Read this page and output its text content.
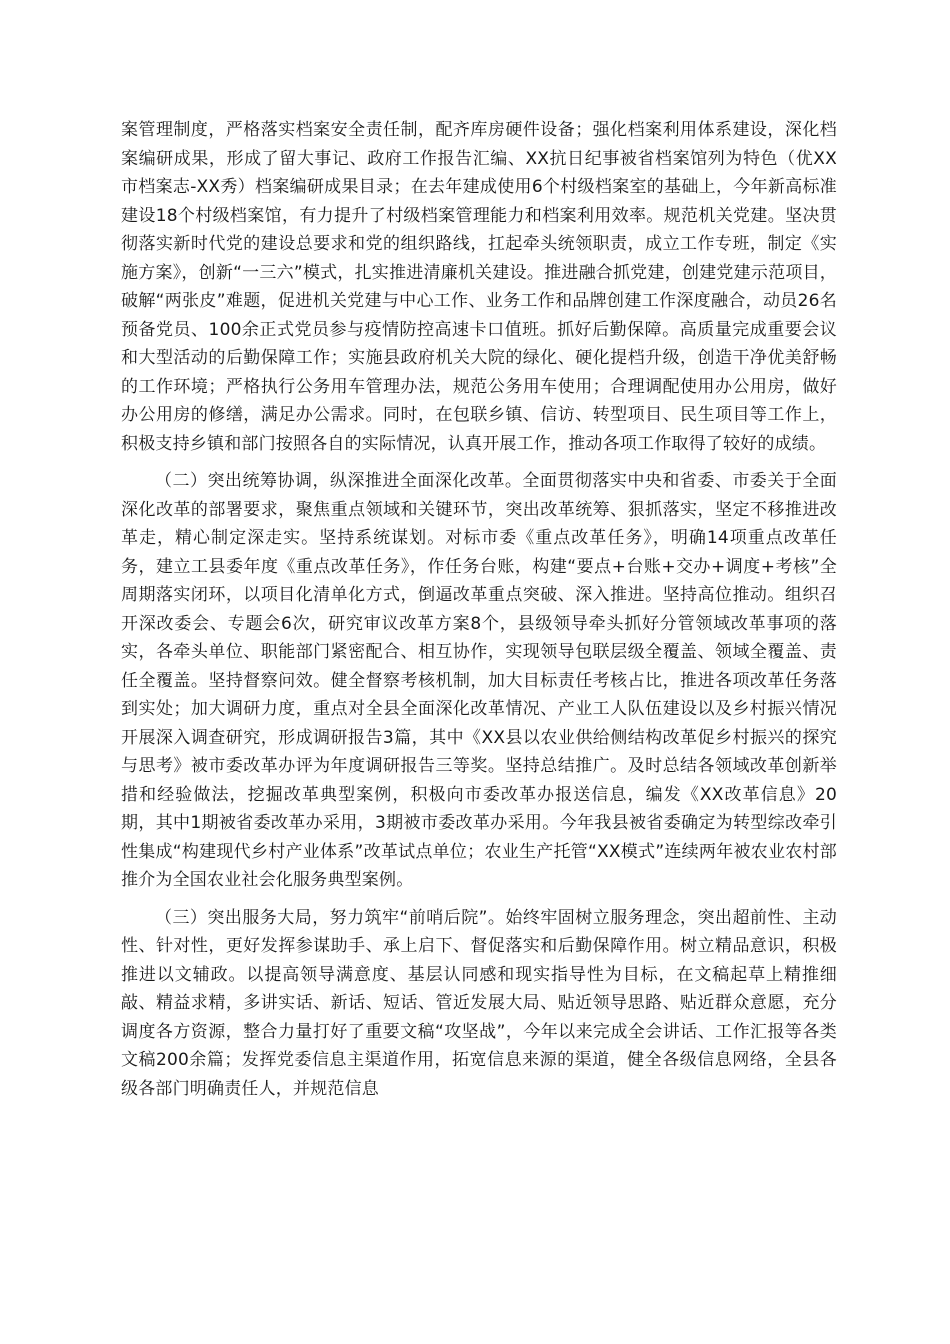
案管理制度，严格落实档案安全责任制，配齐库房硬件设备；强化档案利用体系建设，深化档案编研成果，形成了留大事记、政府工作报告汇编、XX抗日纪事被省档案馆列为特色（优XX市档案志-XX秀）档案编研成果目录；在去年建成使用6个村级档案室的基础上，今年新高标准建设18个村级档案馆，有力提升了村级档案管理能力和档案利用效率。规范机关党建。坚决贯彻落实新时代党的建设总要求和党的组织路线，扛起牵头统领职责，成立工作专班，制定《实施方案》，创新“一三六”模式，扎实推进清廉机关建设。推进融合抓党建，创建党建示范项目，破解“两张皮”难题，促进机关党建与中心工作、业务工作和品牌创建工作深度融合，动员26名预备党员、100余正式党员参与疫情防控高速卡口值班。抓好后勤保障。高质量完成重要会议和大型活动的后勤保障工作；实施县政府机关大院的绿化、硬化提档升级，创造干净优美舒畅的工作环境；严格执行公务用车管理办法，规范公务用车使用；合理调配使用办公用房，做好办公用房的修缮，满足办公需求。同时，在包联乡镇、信访、转型项目、民生项目等工作上，积极支持乡镇和部门按照各自的实际情况，认真开展工作，推动各项工作取得了较好的成绩。

（二）突出统筹协调，纵深推进全面深化改革。全面贯彻落实中央和省委、市委关于全面深化改革的部署要求，聚焦重点领域和关键环节，突出改革统筹、狠抓落实，坚定不移推进改革走，精心制定深走实。坚持系统谋划。对标市委《重点改革任务》，明确14项重点改革任务，建立工县委年度《重点改革任务》，作任务台账，构建“要点+台账+交办+调度+考核”全周期落实闭环，以项目化清单化方式，倒逼改革重点突破、深入推进。坚持高位推动。组织召开深改委会、专题会6次，研究审议改革方案8个，县级领导牵头抓好分管领域改革事项的落实，各牵头单位、职能部门紧密配合、相互协作，实现领导包联层级全覆盖、领域全覆盖、责任全覆盖。坚持督察问效。健全督察考核机制，加大目标责任考核占比，推进各项改革任务落到实处；加大调研力度，重点对全县全面深化改革情况、产业工人队伍建设以及乡村振兴情况开展深入调查研究，形成调研报告3篇，其中《XX县以农业供给侧结构改革促乡村振兴的探究与思考》被市委改革办评为年度调研报告三等奖。坚持总结推广。及时总结各领域改革创新举措和经验做法，挖掘改革典型案例，积极向市委改革办报送信息，编发《XX改革信息》20期，其中1期被省委改革办采用，3期被市委改革办采用。今年我县被省委确定为转型综改牵引性集成“构建现代乡村产业体系”改革试点单位；农业生产托管“XX模式”连续两年被农业农村部推介为全国农业社会化服务典型案例。

（三）突出服务大局，努力筑牢“前哨后院”。始终牢固树立服务理念，突出超前性、主动性、针对性，更好发挥参谋助手、承上启下、督促落实和后勤保障作用。树立精品意识，积极推进以文辅政。以提高领导满意度、基层认同感和现实指导性为目标，在文稿起草上精推细敲、精益求精，多讲实话、新话、短话、管近发展大局、贴近领导思路、贴近群众意愿，充分调度各方资源，整合力量打好了重要文稿“攻坚战”，今年以来完成全会讲话、工作汇报等各类文稿200余篇；发挥党委信息主渠道作用，拓宽信息来源的渠道，健全各级信息网络，全县各级各部门明确责任人，并规范信息
